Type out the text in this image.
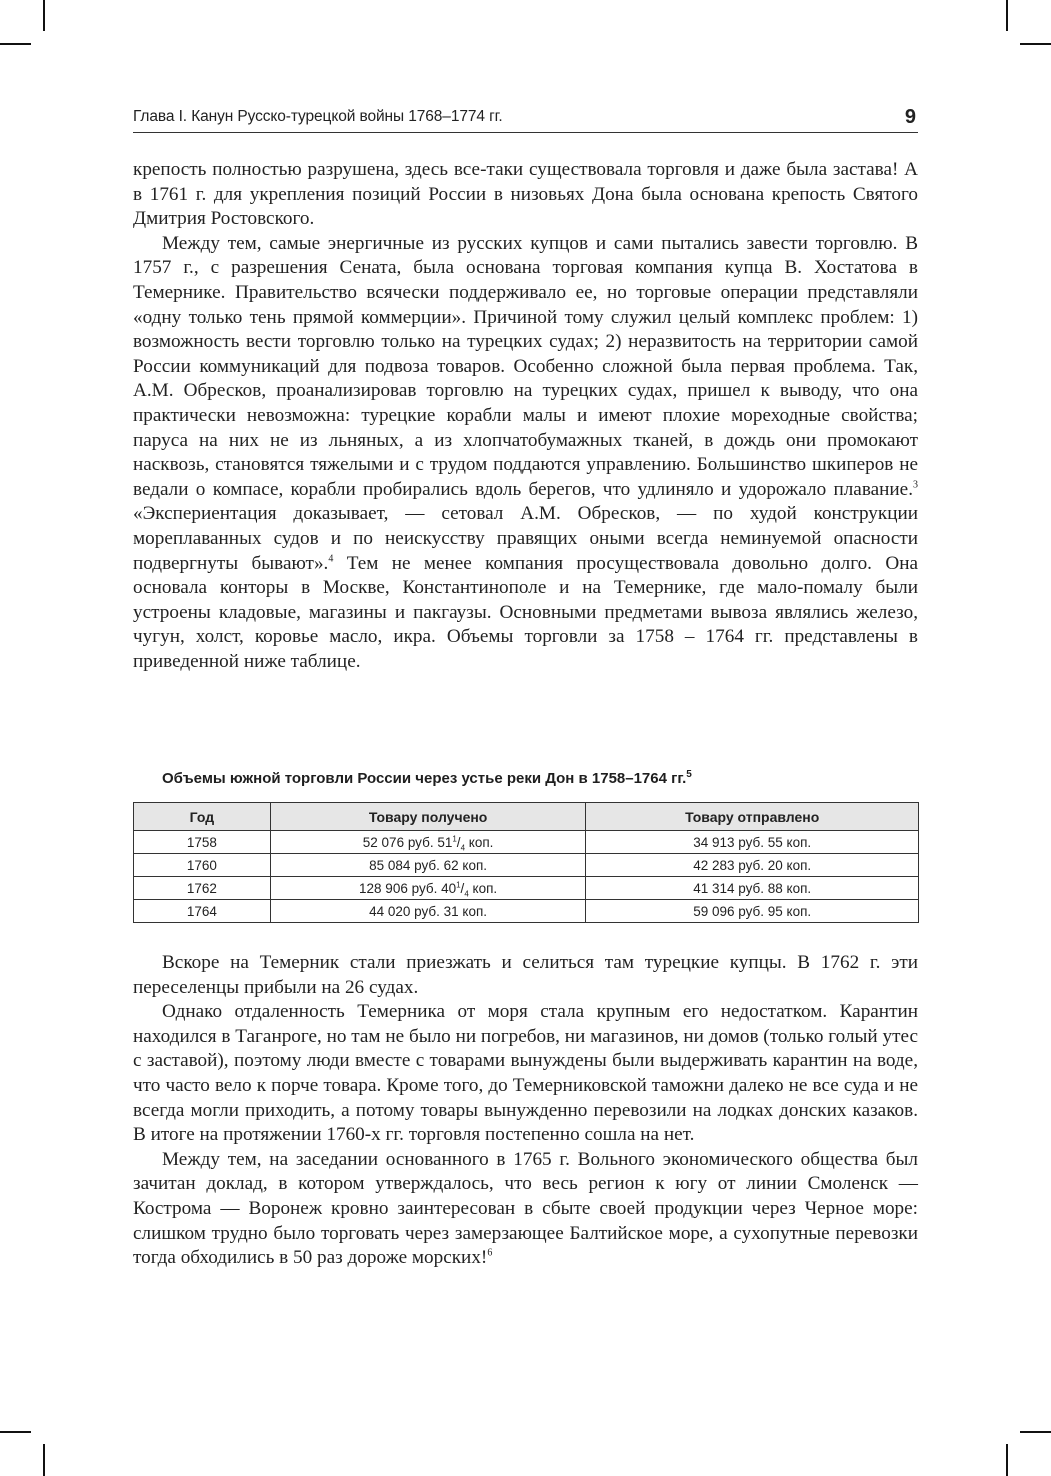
Глава I. Канун Русско-турецкой войны 1768–1774 гг.	9

крепость полностью разрушена, здесь все-таки существовала торговля и даже была застава! А в 1761 г. для укрепления позиций России в низовьях Дона была основана крепость Святого Дмитрия Ростовского.

Между тем, самые энергичные из русских купцов и сами пытались завести торговлю. В 1757 г., с разрешения Сената, была основана торговая компания купца В. Хостатова в Темернике. Правительство всячески поддерживало ее, но торговые операции представляли «одну только тень прямой коммерции». Причиной тому служил целый комплекс проблем: 1) возможность вести торговлю только на турецких судах; 2) неразвитость на территории самой России коммуникаций для подвоза товаров. Особенно сложной была первая проблема. Так, А.М. Обресков, проанализировав торговлю на турецких судах, пришел к выводу, что она практически невозможна: турецкие корабли малы и имеют плохие мореходные свойства; паруса на них не из льняных, а из хлопчатобумажных тканей, в дождь они промокают насквозь, становятся тяжелыми и с трудом поддаются управлению. Большинство шкиперов не ведали о компасе, корабли пробирались вдоль берегов, что удлиняло и удорожало плавание.$^3$ «Экспериентация доказывает, — сетовал А.М. Обресков, — по худой конструкции мореплаванных судов и по неискусству правящих оными всегда неминуемой опасности подвергнуты бывают».$^4$ Тем не менее компания просуществовала довольно долго. Она основала конторы в Москве, Константинополе и на Темернике, где мало-помалу были устроены кладовые, магазины и пакгаузы. Основными предметами вывоза являлись железо, чугун, холст, коровье масло, икра. Объемы торговли за 1758 – 1764 гг. представлены в приведенной ниже таблице.

Объемы южной торговли России через устье реки Дон в 1758–1764 гг.$^5$
Год	Товару получено	Товару отправлено
1758	52 076 руб. $51^1/_4$ коп.	34 913 руб. 55 коп.
1760	85 084 руб. 62 коп.	42 283 руб. 20 коп.
1762	128 906 руб. $40^1/_4$ коп.	41 314 руб. 88 коп.
1764	44 020 руб. 31 коп.	59 096 руб. 95 коп.

Вскоре на Темерник стали приезжать и селиться там турецкие купцы. В 1762 г. эти переселенцы прибыли на 26 судах.

Однако отдаленность Темерника от моря стала крупным его недостатком. Карантин находился в Таганроге, но там не было ни погребов, ни магазинов, ни домов (только голый утес с заставой), поэтому люди вместе с товарами вынуждены были выдерживать карантин на воде, что часто вело к порче товара. Кроме того, до Темерниковской таможни далеко не все суда и не всегда могли приходить, а потому товары вынужденно перевозили на лодках донских казаков. В итоге на протяжении 1760-х гг. торговля постепенно сошла на нет.

Между тем, на заседании основанного в 1765 г. Вольного экономического общества был зачитан доклад, в котором утверждалось, что весь регион к югу от линии Смоленск — Кострома — Воронеж кровно заинтересован в сбыте своей продукции через Черное море: слишком трудно было торговать через замерзающее Балтийское море, а сухопутные перевозки тогда обходились в 50 раз дороже морских!$^6$
